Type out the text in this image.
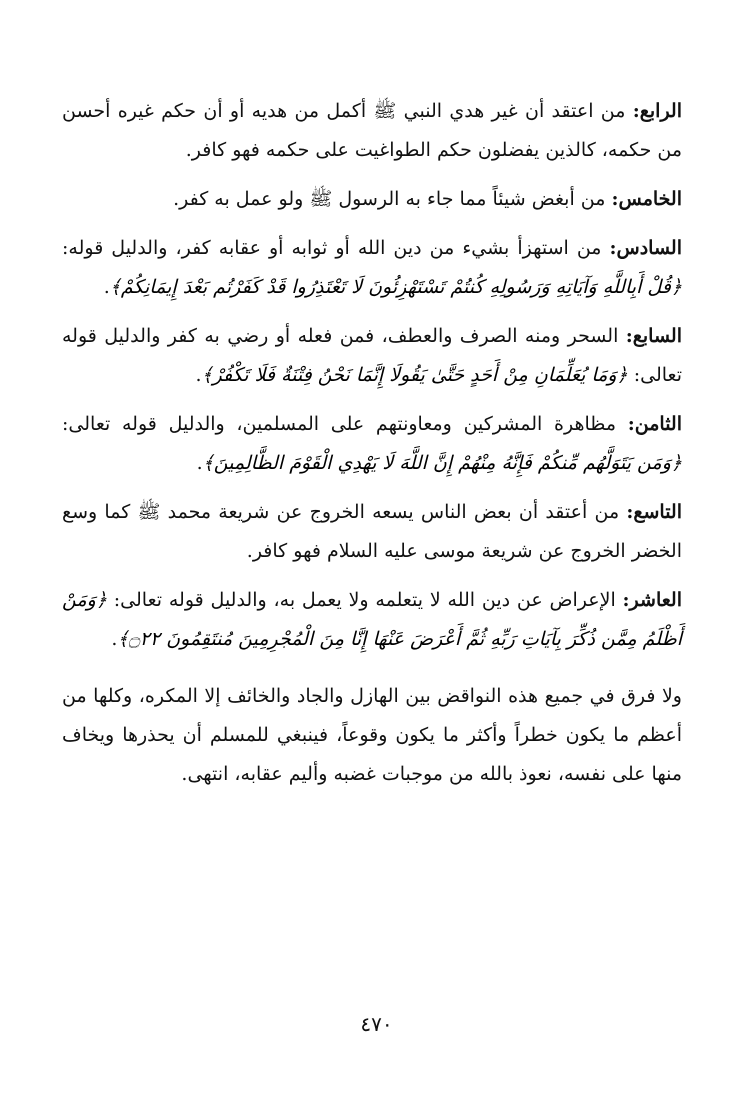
الرابع: من اعتقد أن غير هدي النبي ﷺ أكمل من هديه أو أن حكم غيره أحسن من حكمه، كالذين يفضلون حكم الطواغيت على حكمه فهو كافر.

الخامس: من أبغض شيئاً مما جاء به الرسول ﷺ ولو عمل به كفر.

السادس: من استهزأ بشيء من دين الله أو ثوابه أو عقابه كفر، والدليل قوله: ﴿قُلْ أَبِاللَّهِ وَآيَاتِهِ وَرَسُولِهِ كُنتُمْ تَسْتَهْزِئُونَ لَا تَعْتَذِرُوا قَدْ كَفَرْتُم بَعْدَ إِيمَانِكُمْ﴾.

السابع: السحر ومنه الصرف والعطف، فمن فعله أو رضي به كفر والدليل قوله تعالى: ﴿وَمَا يُعَلِّمَانِ مِنْ أَحَدٍ حَتَّىٰ يَقُولَا إِنَّمَا نَحْنُ فِتْنَةٌ فَلَا تَكْفُرْ﴾.

الثامن: مظاهرة المشركين ومعاونتهم على المسلمين، والدليل قوله تعالى: ﴿وَمَن يَتَوَلَّهُم مِّنكُمْ فَإِنَّهُ مِنْهُمْ إِنَّ اللَّهَ لَا يَهْدِي الْقَوْمَ الظَّالِمِينَ﴾.

التاسع: من أعتقد أن بعض الناس يسعه الخروج عن شريعة محمد ﷺ كما وسع الخضر الخروج عن شريعة موسى عليه السلام فهو كافر.

العاشر: الإعراض عن دين الله لا يتعلمه ولا يعمل به، والدليل قوله تعالى: ﴿وَمَنْ أَظْلَمُ مِمَّن ذُكِّرَ بِآيَاتِ رَبِّهِ ثُمَّ أَعْرَضَ عَنْهَا إِنَّا مِنَ الْمُجْرِمِينَ مُنتَقِمُونَ ۝٢٢﴾.

ولا فرق في جميع هذه النواقض بين الهازل والجاد والخائف إلا المكره، وكلها من أعظم ما يكون خطراً وأكثر ما يكون وقوعاً، فينبغي للمسلم أن يحذرها ويخاف منها على نفسه، نعوذ بالله من موجبات غضبه وأليم عقابه، انتهى.

٤٧٠
